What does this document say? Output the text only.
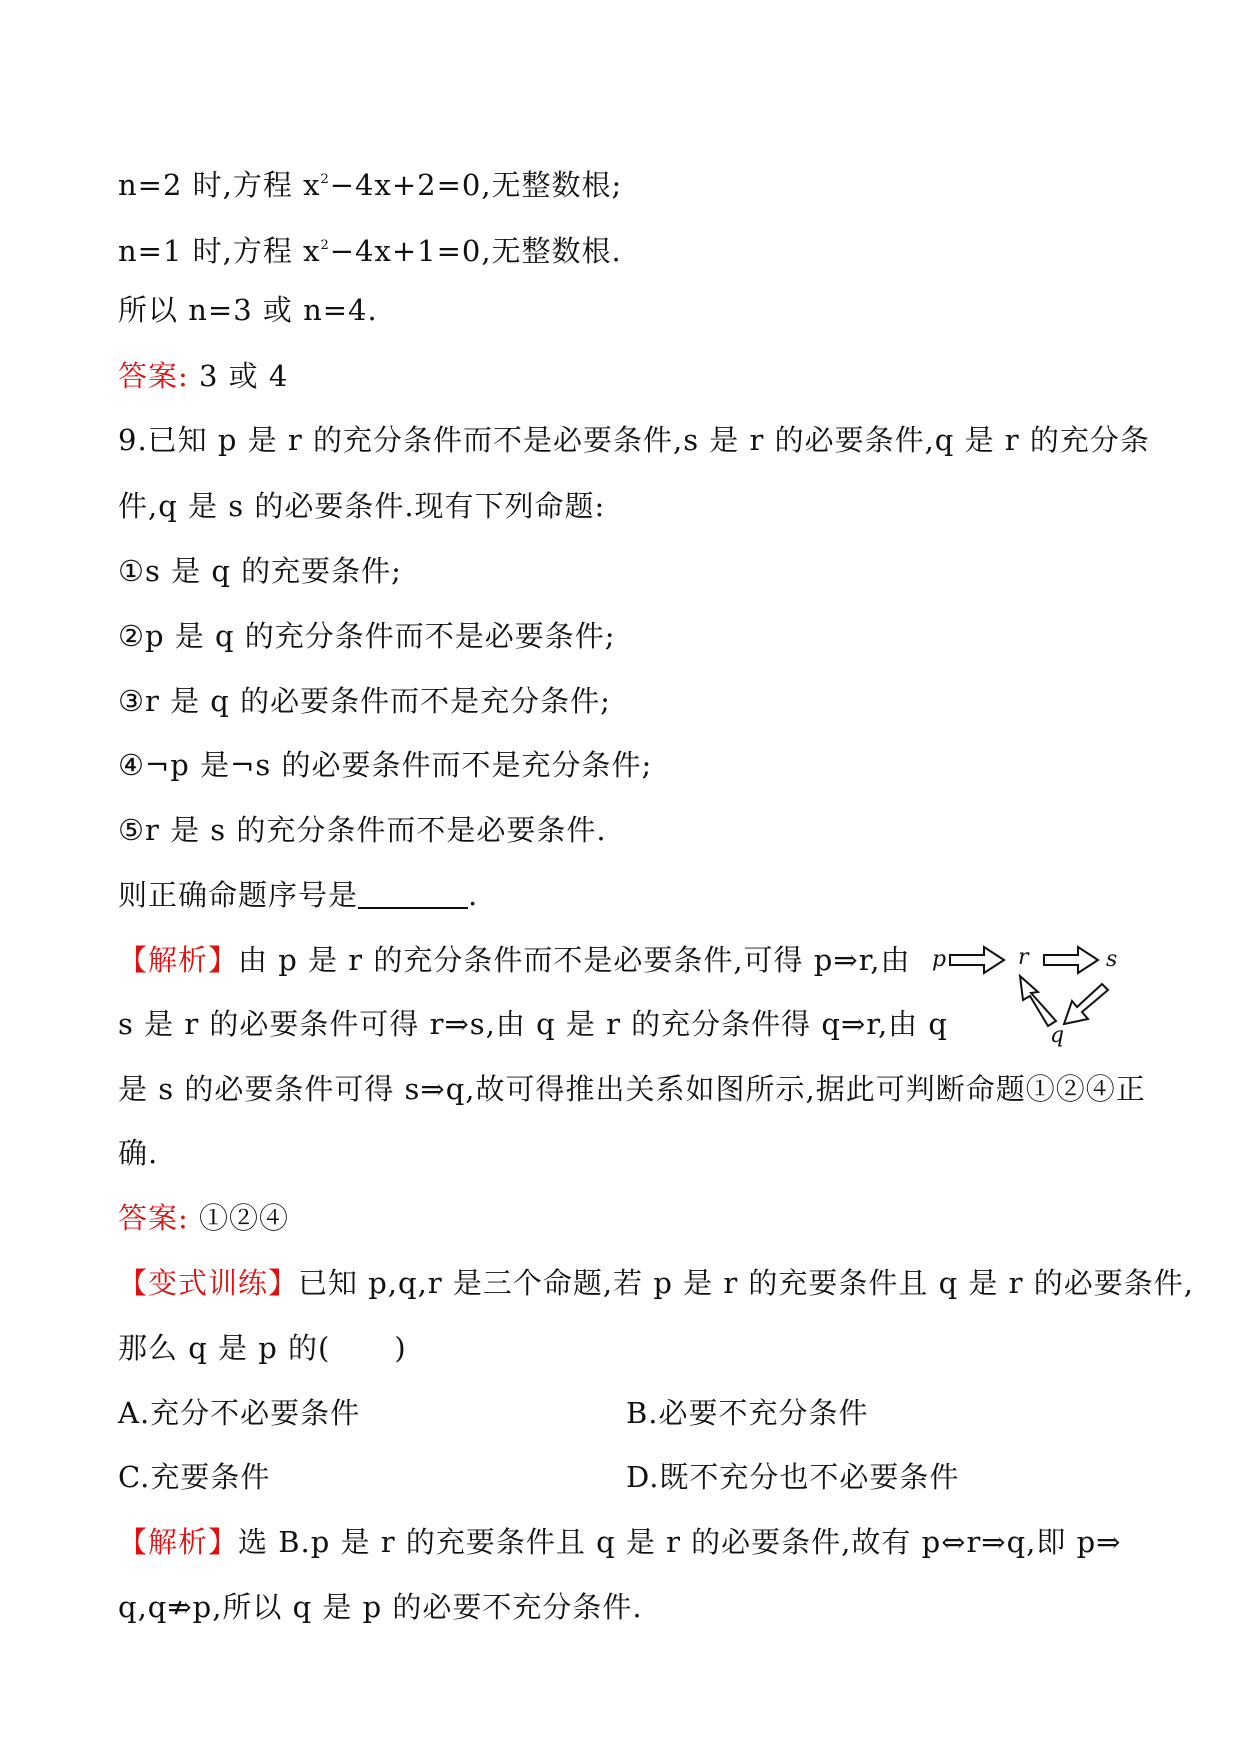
n=2 时,方程 $x^2-4x+2=0$,无整数根;
n=1 时,方程 $x^2-4x+1=0$,无整数根.
所以 n=3 或 n=4.
答案: 3 或 4
9.已知 p 是 r 的充分条件而不是必要条件,s 是 r 的必要条件,q 是 r 的充分条
件,q 是 s 的必要条件.现有下列命题:
①s 是 q 的充要条件;
②p 是 q 的充分条件而不是必要条件;
③r 是 q 的必要条件而不是充分条件;
④¬p 是¬s 的必要条件而不是充分条件;
⑤r 是 s 的充分条件而不是必要条件.
则正确命题序号是	.
【解析】由 p 是 r 的充分条件而不是必要条件,可得 p⇒r,由
s 是 r 的必要条件可得 r⇒s,由 q 是 r 的充分条件得 q⇒r,由 q
是 s 的必要条件可得 s⇒q,故可得推出关系如图所示,据此可判断命题①②④正
确.
p	r	s
q
答案: ①②④
【变式训练】已知 p,q,r 是三个命题,若 p 是 r 的充要条件且 q 是 r 的必要条件,
那么 q 是 p 的( )
A.充分不必要条件	B.必要不充分条件
C.充要条件	D.既不充分也不必要条件
【解析】选 B.p 是 r 的充要条件且 q 是 r 的必要条件,故有 p⇔r⇒q,即 p⇒
q,q⇏p,所以 q 是 p 的必要不充分条件.
